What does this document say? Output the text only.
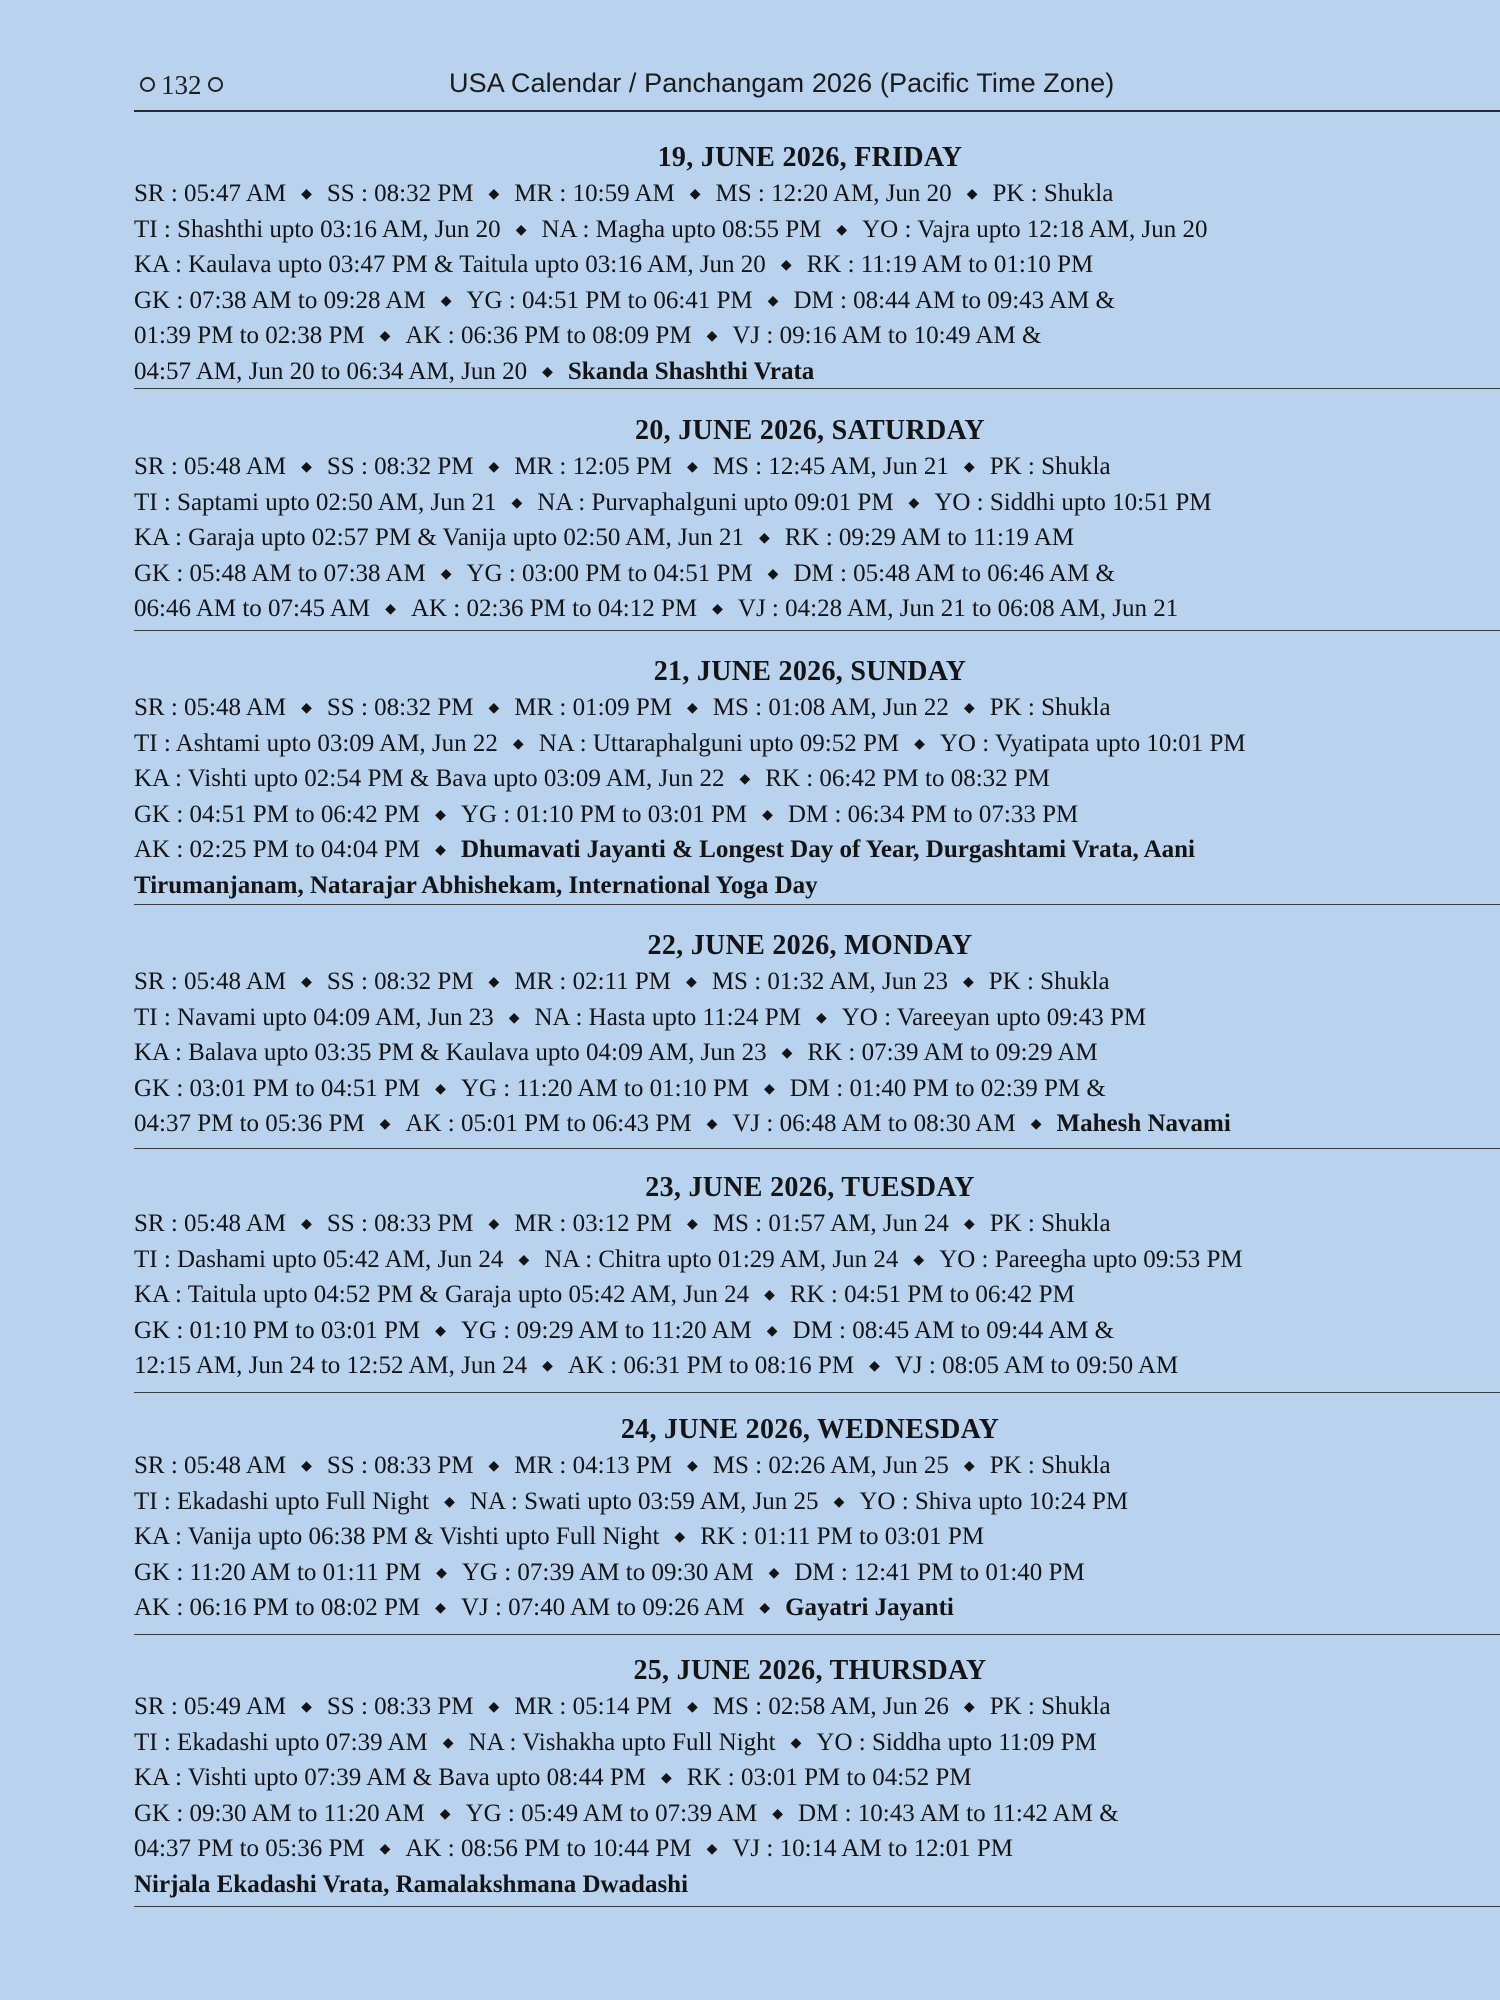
132	USA Calendar / Panchangam 2026 (Pacific Time Zone)
19, JUNE 2026, FRIDAY
SR : 05:47 AM ◆ SS : 08:32 PM ◆ MR : 10:59 AM ◆ MS : 12:20 AM, Jun 20 ◆ PK : Shukla
TI : Shashthi upto 03:16 AM, Jun 20 ◆ NA : Magha upto 08:55 PM ◆ YO : Vajra upto 12:18 AM, Jun 20
KA : Kaulava upto 03:47 PM & Taitula upto 03:16 AM, Jun 20 ◆ RK : 11:19 AM to 01:10 PM
GK : 07:38 AM to 09:28 AM ◆ YG : 04:51 PM to 06:41 PM ◆ DM : 08:44 AM to 09:43 AM &
01:39 PM to 02:38 PM ◆ AK : 06:36 PM to 08:09 PM ◆ VJ : 09:16 AM to 10:49 AM &
04:57 AM, Jun 20 to 06:34 AM, Jun 20 ◆ Skanda Shashthi Vrata
20, JUNE 2026, SATURDAY
SR : 05:48 AM ◆ SS : 08:32 PM ◆ MR : 12:05 PM ◆ MS : 12:45 AM, Jun 21 ◆ PK : Shukla
TI : Saptami upto 02:50 AM, Jun 21 ◆ NA : Purvaphalguni upto 09:01 PM ◆ YO : Siddhi upto 10:51 PM
KA : Garaja upto 02:57 PM & Vanija upto 02:50 AM, Jun 21 ◆ RK : 09:29 AM to 11:19 AM
GK : 05:48 AM to 07:38 AM ◆ YG : 03:00 PM to 04:51 PM ◆ DM : 05:48 AM to 06:46 AM &
06:46 AM to 07:45 AM ◆ AK : 02:36 PM to 04:12 PM ◆ VJ : 04:28 AM, Jun 21 to 06:08 AM, Jun 21
21, JUNE 2026, SUNDAY
SR : 05:48 AM ◆ SS : 08:32 PM ◆ MR : 01:09 PM ◆ MS : 01:08 AM, Jun 22 ◆ PK : Shukla
TI : Ashtami upto 03:09 AM, Jun 22 ◆ NA : Uttaraphalguni upto 09:52 PM ◆ YO : Vyatipata upto 10:01 PM
KA : Vishti upto 02:54 PM & Bava upto 03:09 AM, Jun 22 ◆ RK : 06:42 PM to 08:32 PM
GK : 04:51 PM to 06:42 PM ◆ YG : 01:10 PM to 03:01 PM ◆ DM : 06:34 PM to 07:33 PM
AK : 02:25 PM to 04:04 PM ◆ Dhumavati Jayanti & Longest Day of Year, Durgashtami Vrata, Aani
Tirumanjanam, Natarajar Abhishekam, International Yoga Day
22, JUNE 2026, MONDAY
SR : 05:48 AM ◆ SS : 08:32 PM ◆ MR : 02:11 PM ◆ MS : 01:32 AM, Jun 23 ◆ PK : Shukla
TI : Navami upto 04:09 AM, Jun 23 ◆ NA : Hasta upto 11:24 PM ◆ YO : Vareeyan upto 09:43 PM
KA : Balava upto 03:35 PM & Kaulava upto 04:09 AM, Jun 23 ◆ RK : 07:39 AM to 09:29 AM
GK : 03:01 PM to 04:51 PM ◆ YG : 11:20 AM to 01:10 PM ◆ DM : 01:40 PM to 02:39 PM &
04:37 PM to 05:36 PM ◆ AK : 05:01 PM to 06:43 PM ◆ VJ : 06:48 AM to 08:30 AM ◆ Mahesh Navami
23, JUNE 2026, TUESDAY
SR : 05:48 AM ◆ SS : 08:33 PM ◆ MR : 03:12 PM ◆ MS : 01:57 AM, Jun 24 ◆ PK : Shukla
TI : Dashami upto 05:42 AM, Jun 24 ◆ NA : Chitra upto 01:29 AM, Jun 24 ◆ YO : Pareegha upto 09:53 PM
KA : Taitula upto 04:52 PM & Garaja upto 05:42 AM, Jun 24 ◆ RK : 04:51 PM to 06:42 PM
GK : 01:10 PM to 03:01 PM ◆ YG : 09:29 AM to 11:20 AM ◆ DM : 08:45 AM to 09:44 AM &
12:15 AM, Jun 24 to 12:52 AM, Jun 24 ◆ AK : 06:31 PM to 08:16 PM ◆ VJ : 08:05 AM to 09:50 AM
24, JUNE 2026, WEDNESDAY
SR : 05:48 AM ◆ SS : 08:33 PM ◆ MR : 04:13 PM ◆ MS : 02:26 AM, Jun 25 ◆ PK : Shukla
TI : Ekadashi upto Full Night ◆ NA : Swati upto 03:59 AM, Jun 25 ◆ YO : Shiva upto 10:24 PM
KA : Vanija upto 06:38 PM & Vishti upto Full Night ◆ RK : 01:11 PM to 03:01 PM
GK : 11:20 AM to 01:11 PM ◆ YG : 07:39 AM to 09:30 AM ◆ DM : 12:41 PM to 01:40 PM
AK : 06:16 PM to 08:02 PM ◆ VJ : 07:40 AM to 09:26 AM ◆ Gayatri Jayanti
25, JUNE 2026, THURSDAY
SR : 05:49 AM ◆ SS : 08:33 PM ◆ MR : 05:14 PM ◆ MS : 02:58 AM, Jun 26 ◆ PK : Shukla
TI : Ekadashi upto 07:39 AM ◆ NA : Vishakha upto Full Night ◆ YO : Siddha upto 11:09 PM
KA : Vishti upto 07:39 AM & Bava upto 08:44 PM ◆ RK : 03:01 PM to 04:52 PM
GK : 09:30 AM to 11:20 AM ◆ YG : 05:49 AM to 07:39 AM ◆ DM : 10:43 AM to 11:42 AM &
04:37 PM to 05:36 PM ◆ AK : 08:56 PM to 10:44 PM ◆ VJ : 10:14 AM to 12:01 PM
Nirjala Ekadashi Vrata, Ramalakshmana Dwadashi
